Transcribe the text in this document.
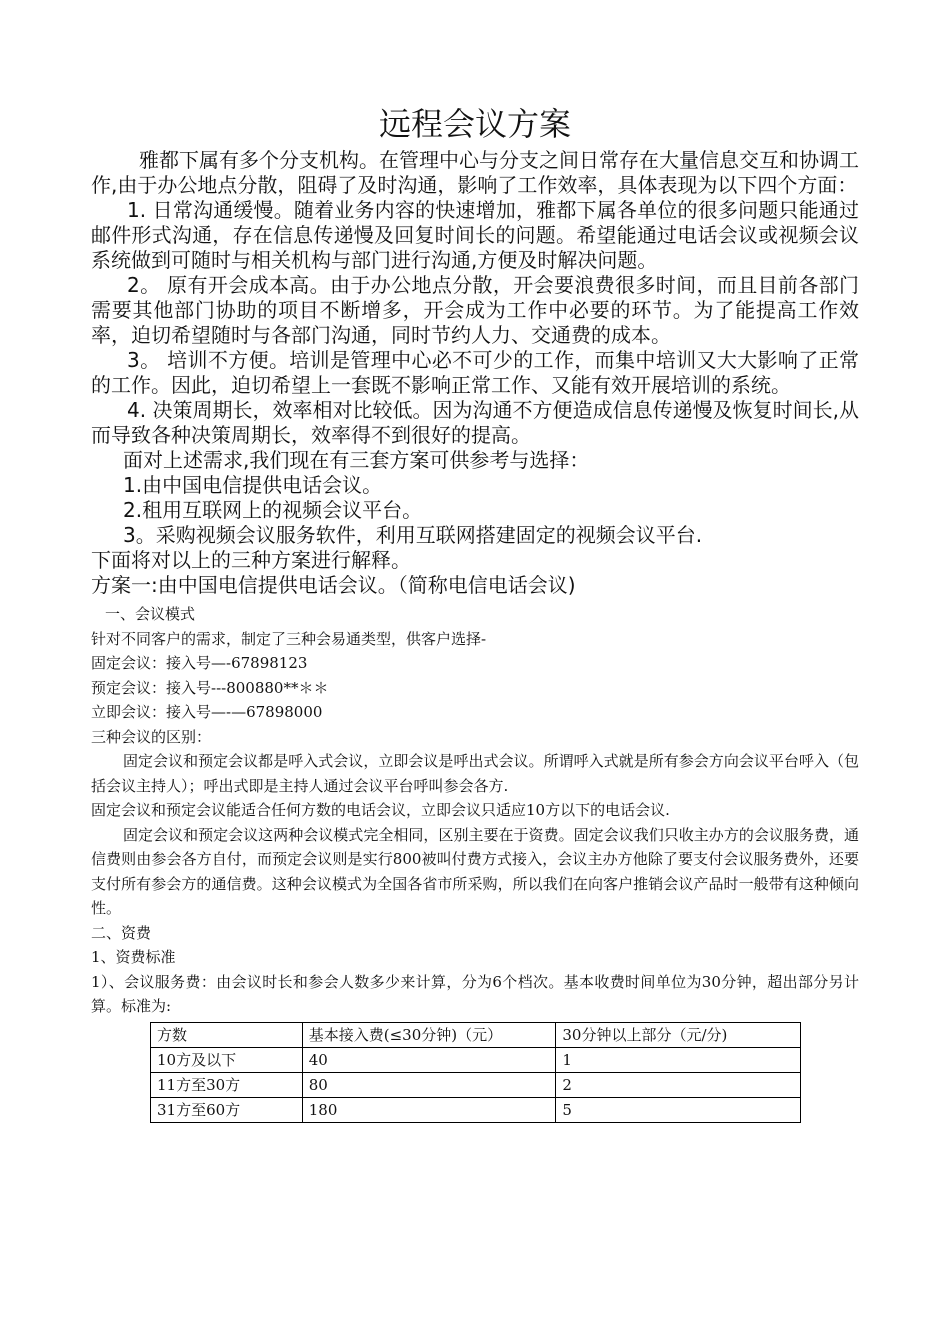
远程会议方案

雅都下属有多个分支机构。在管理中心与分支之间日常存在大量信息交互和协调工作,由于办公地点分散，阻碍了及时沟通，影响了工作效率，具体表现为以下四个方面：

1. 日常沟通缓慢。随着业务内容的快速增加，雅都下属各单位的很多问题只能通过邮件形式沟通，存在信息传递慢及回复时间长的问题。希望能通过电话会议或视频会议系统做到可随时与相关机构与部门进行沟通,方便及时解决问题。

2。 原有开会成本高。由于办公地点分散，开会要浪费很多时间，而且目前各部门需要其他部门协助的项目不断增多，开会成为工作中必要的环节。为了能提高工作效率，迫切希望随时与各部门沟通，同时节约人力、交通费的成本。

3。 培训不方便。培训是管理中心必不可少的工作，而集中培训又大大影响了正常的工作。因此，迫切希望上一套既不影响正常工作、又能有效开展培训的系统。

4. 决策周期长，效率相对比较低。因为沟通不方便造成信息传递慢及恢复时间长,从而导致各种决策周期长，效率得不到很好的提高。

面对上述需求,我们现在有三套方案可供参考与选择：

1.由中国电信提供电话会议。

2.租用互联网上的视频会议平台。

3。采购视频会议服务软件，利用互联网搭建固定的视频会议平台.

下面将对以上的三种方案进行解释。

方案一:由中国电信提供电话会议。（简称电信电话会议)

一、会议模式

针对不同客户的需求，制定了三种会易通类型，供客户选择-

固定会议：接入号—-67898123

预定会议：接入号---800880**＊＊

立即会议：接入号—-—67898000

三种会议的区别：

固定会议和预定会议都是呼入式会议，立即会议是呼出式会议。所谓呼入式就是所有参会方向会议平台呼入（包括会议主持人）；呼出式即是主持人通过会议平台呼叫参会各方.

固定会议和预定会议能适合任何方数的电话会议，立即会议只适应10方以下的电话会议.

固定会议和预定会议这两种会议模式完全相同，区别主要在于资费。固定会议我们只收主办方的会议服务费，通信费则由参会各方自付，而预定会议则是实行800被叫付费方式接入，会议主办方他除了要支付会议服务费外，还要支付所有参会方的通信费。这种会议模式为全国各省市所采购，所以我们在向客户推销会议产品时一般带有这种倾向性。

二、资费

1、资费标准

1）、会议服务费：由会议时长和参会人数多少来计算，分为6个档次。基本收费时间单位为30分钟，超出部分另计算。标准为:

方数	基本接入费(≤30分钟)（元）	30分钟以上部分（元/分)
10方及以下	40	1
11方至30方	80	2
31方至60方	180	5
